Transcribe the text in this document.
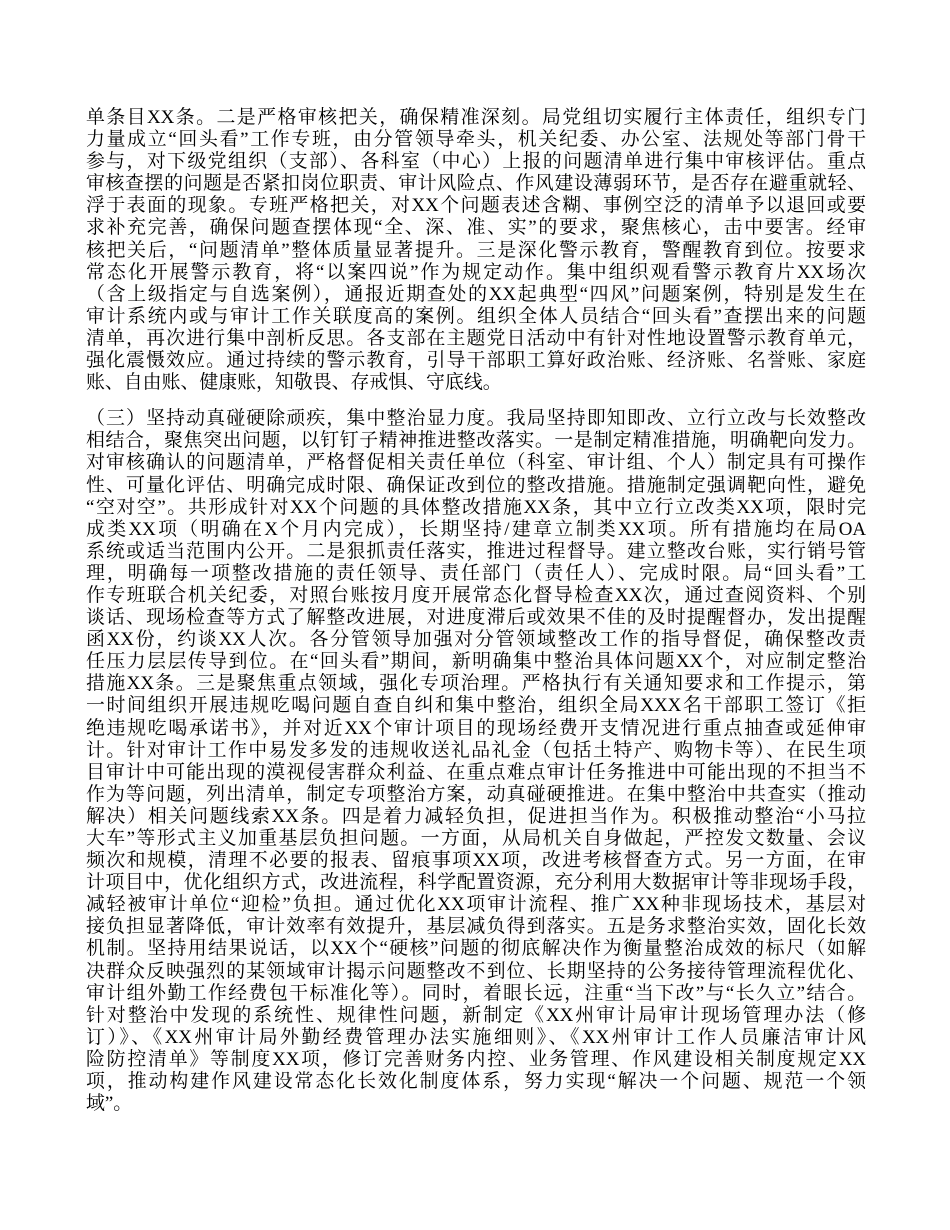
单条目XX条。二是严格审核把关，确保精准深刻。局党组切实履行主体责任，组织专门
力量成立“回头看”工作专班，由分管领导牵头，机关纪委、办公室、法规处等部门骨干
参与，对下级党组织（支部）、各科室（中心）上报的问题清单进行集中审核评估。重点
审核查摆的问题是否紧扣岗位职责、审计风险点、作风建设薄弱环节，是否存在避重就轻、
浮于表面的现象。专班严格把关，对XX个问题表述含糊、事例空泛的清单予以退回或要
求补充完善，确保问题查摆体现“全、深、准、实”的要求，聚焦核心，击中要害。经审
核把关后，“问题清单”整体质量显著提升。三是深化警示教育，警醒教育到位。按要求
常态化开展警示教育，将“以案四说”作为规定动作。集中组织观看警示教育片XX场次
（含上级指定与自选案例），通报近期查处的XX起典型“四风”问题案例，特别是发生在
审计系统内或与审计工作关联度高的案例。组织全体人员结合“回头看”查摆出来的问题
清单，再次进行集中剖析反思。各支部在主题党日活动中有针对性地设置警示教育单元，
强化震慑效应。通过持续的警示教育，引导干部职工算好政治账、经济账、名誉账、家庭
账、自由账、健康账，知敬畏、存戒惧、守底线。
（三）坚持动真碰硬除顽疾，集中整治显力度。我局坚持即知即改、立行立改与长效整改
相结合，聚焦突出问题，以钉钉子精神推进整改落实。一是制定精准措施，明确靶向发力。
对审核确认的问题清单，严格督促相关责任单位（科室、审计组、个人）制定具有可操作
性、可量化评估、明确完成时限、确保证改到位的整改措施。措施制定强调靶向性，避免
“空对空”。共形成针对XX个问题的具体整改措施XX条，其中立行立改类XX项，限时完
成类XX项（明确在X个月内完成），长期坚持/建章立制类XX项。所有措施均在局OA
系统或适当范围内公开。二是狠抓责任落实，推进过程督导。建立整改台账，实行销号管
理，明确每一项整改措施的责任领导、责任部门（责任人）、完成时限。局“回头看”工
作专班联合机关纪委，对照台账按月度开展常态化督导检查XX次，通过查阅资料、个别
谈话、现场检查等方式了解整改进展，对进度滞后或效果不佳的及时提醒督办，发出提醒
函XX份，约谈XX人次。各分管领导加强对分管领域整改工作的指导督促，确保整改责
任压力层层传导到位。在“回头看”期间，新明确集中整治具体问题XX个，对应制定整治
措施XX条。三是聚焦重点领域，强化专项治理。严格执行有关通知要求和工作提示，第
一时间组织开展违规吃喝问题自查自纠和集中整治，组织全局XXX名干部职工签订《拒
绝违规吃喝承诺书》，并对近XX个审计项目的现场经费开支情况进行重点抽查或延伸审
计。针对审计工作中易发多发的违规收送礼品礼金（包括土特产、购物卡等）、在民生项
目审计中可能出现的漠视侵害群众利益、在重点难点审计任务推进中可能出现的不担当不
作为等问题，列出清单，制定专项整治方案，动真碰硬推进。在集中整治中共查实（推动
解决）相关问题线索XX条。四是着力减轻负担，促进担当作为。积极推动整治“小马拉
大车”等形式主义加重基层负担问题。一方面，从局机关自身做起，严控发文数量、会议
频次和规模，清理不必要的报表、留痕事项XX项，改进考核督查方式。另一方面，在审
计项目中，优化组织方式，改进流程，科学配置资源，充分利用大数据审计等非现场手段，
减轻被审计单位“迎检”负担。通过优化XX项审计流程、推广XX种非现场技术，基层对
接负担显著降低，审计效率有效提升，基层减负得到落实。五是务求整治实效，固化长效
机制。坚持用结果说话，以XX个“硬核”问题的彻底解决作为衡量整治成效的标尺（如解
决群众反映强烈的某领域审计揭示问题整改不到位、长期坚持的公务接待管理流程优化、
审计组外勤工作经费包干标准化等）。同时，着眼长远，注重“当下改”与“长久立”结合。
针对整治中发现的系统性、规律性问题，新制定《XX州审计局审计现场管理办法（修
订）》、《XX州审计局外勤经费管理办法实施细则》、《XX州审计工作人员廉洁审计风
险防控清单》等制度XX项，修订完善财务内控、业务管理、作风建设相关制度规定XX
项，推动构建作风建设常态化长效化制度体系，努力实现“解决一个问题、规范一个领
域”。
